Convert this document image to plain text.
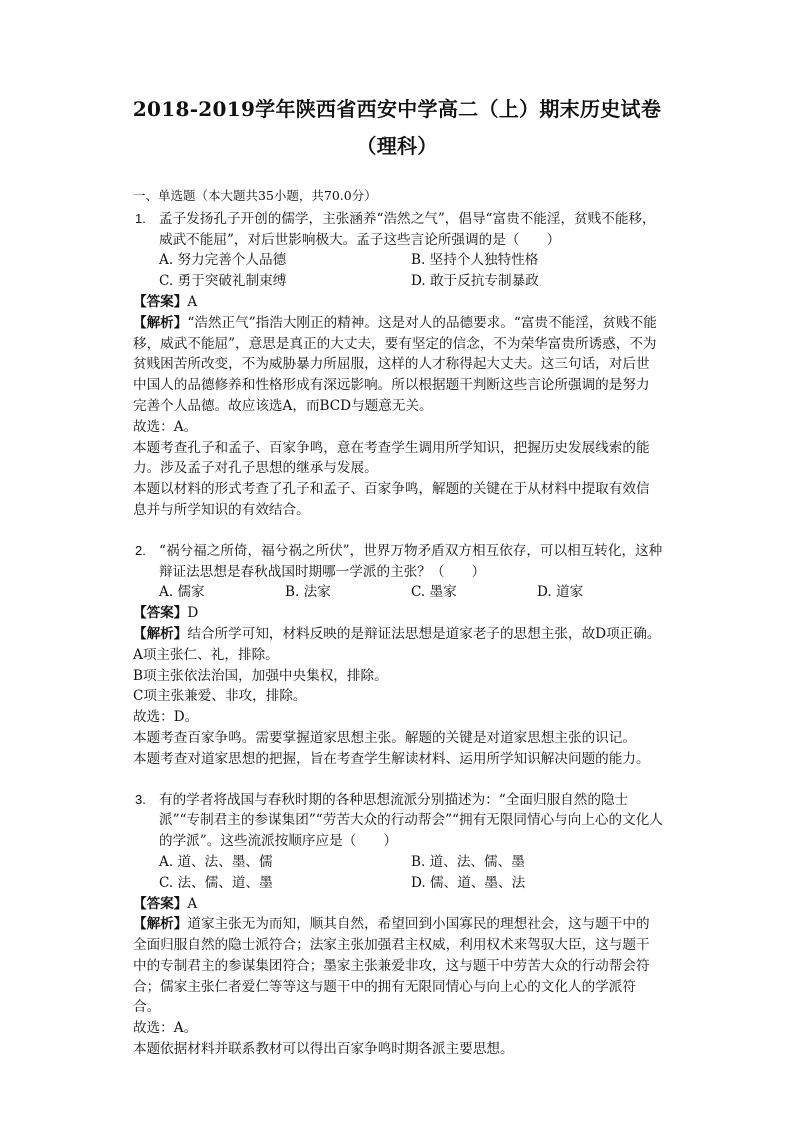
2018-2019学年陕西省西安中学高二（上）期末历史试卷
（理科）
一、单选题（本大题共35小题，共70.0分）
1. 孟子发扬孔子开创的儒学，主张涵养“浩然之气”，倡导“富贵不能淫，贫贱不能移，威武不能屈”，对后世影响极大。孟子这些言论所强调的是（　　）
A. 努力完善个人品德	B. 坚持个人独特性格
C. 勇于突破礼制束缚	D. 敢于反抗专制暴政

【答案】A

【解析】“浩然正气”指浩大刚正的精神。这是对人的品德要求。“富贵不能淫，贫贱不能移，威武不能屈”，意思是真正的大丈夫，要有坚定的信念，不为荣华富贵所诱惑，不为贫贱困苦所改变，不为威胁暴力所屈服，这样的人才称得起大丈夫。这三句话，对后世中国人的品德修养和性格形成有深远影响。所以根据题干判断这些言论所强调的是努力完善个人品德。故应该选A，而BCD与题意无关。

故选：A。

本题考查孔子和孟子、百家争鸣，意在考查学生调用所学知识，把握历史发展线索的能力。涉及孟子对孔子思想的继承与发展。

本题以材料的形式考查了孔子和孟子、百家争鸣，解题的关键在于从材料中提取有效信息并与所学知识的有效结合。

2. “祸兮福之所倚，福兮祸之所伏”，世界万物矛盾双方相互依存，可以相互转化，这种辩证法思想是春秋战国时期哪一学派的主张？（　　）
A. 儒家	B. 法家	C. 墨家	D. 道家

【答案】D

【解析】结合所学可知，材料反映的是辩证法思想是道家老子的思想主张，故D项正确。

A项主张仁、礼，排除。

B项主张依法治国，加强中央集权，排除。

C项主张兼爱、非攻，排除。

故选：D。

本题考查百家争鸣。需要掌握道家思想主张。解题的关键是对道家思想主张的识记。

本题考查对道家思想的把握，旨在考查学生解读材料、运用所学知识解决问题的能力。

3. 有的学者将战国与春秋时期的各种思想流派分别描述为：“全面归服自然的隐士派”“专制君主的参谋集团”“劳苦大众的行动帮会”“拥有无限同情心与向上心的文化人的学派”。这些流派按顺序应是（　　）
A. 道、法、墨、儒	B. 道、法、儒、墨
C. 法、儒、道、墨	D. 儒、道、墨、法

【答案】A

【解析】道家主张无为而知，顺其自然，希望回到小国寡民的理想社会，这与题干中的全面归服自然的隐士派符合；法家主张加强君主权威，利用权术来驾驭大臣，这与题干中的专制君主的参谋集团符合；墨家主张兼爱非攻，这与题干中劳苦大众的行动帮会符合；儒家主张仁者爱仁等等这与题干中的拥有无限同情心与向上心的文化人的学派符合。

故选：A。

本题依据材料并联系教材可以得出百家争鸣时期各派主要思想。
